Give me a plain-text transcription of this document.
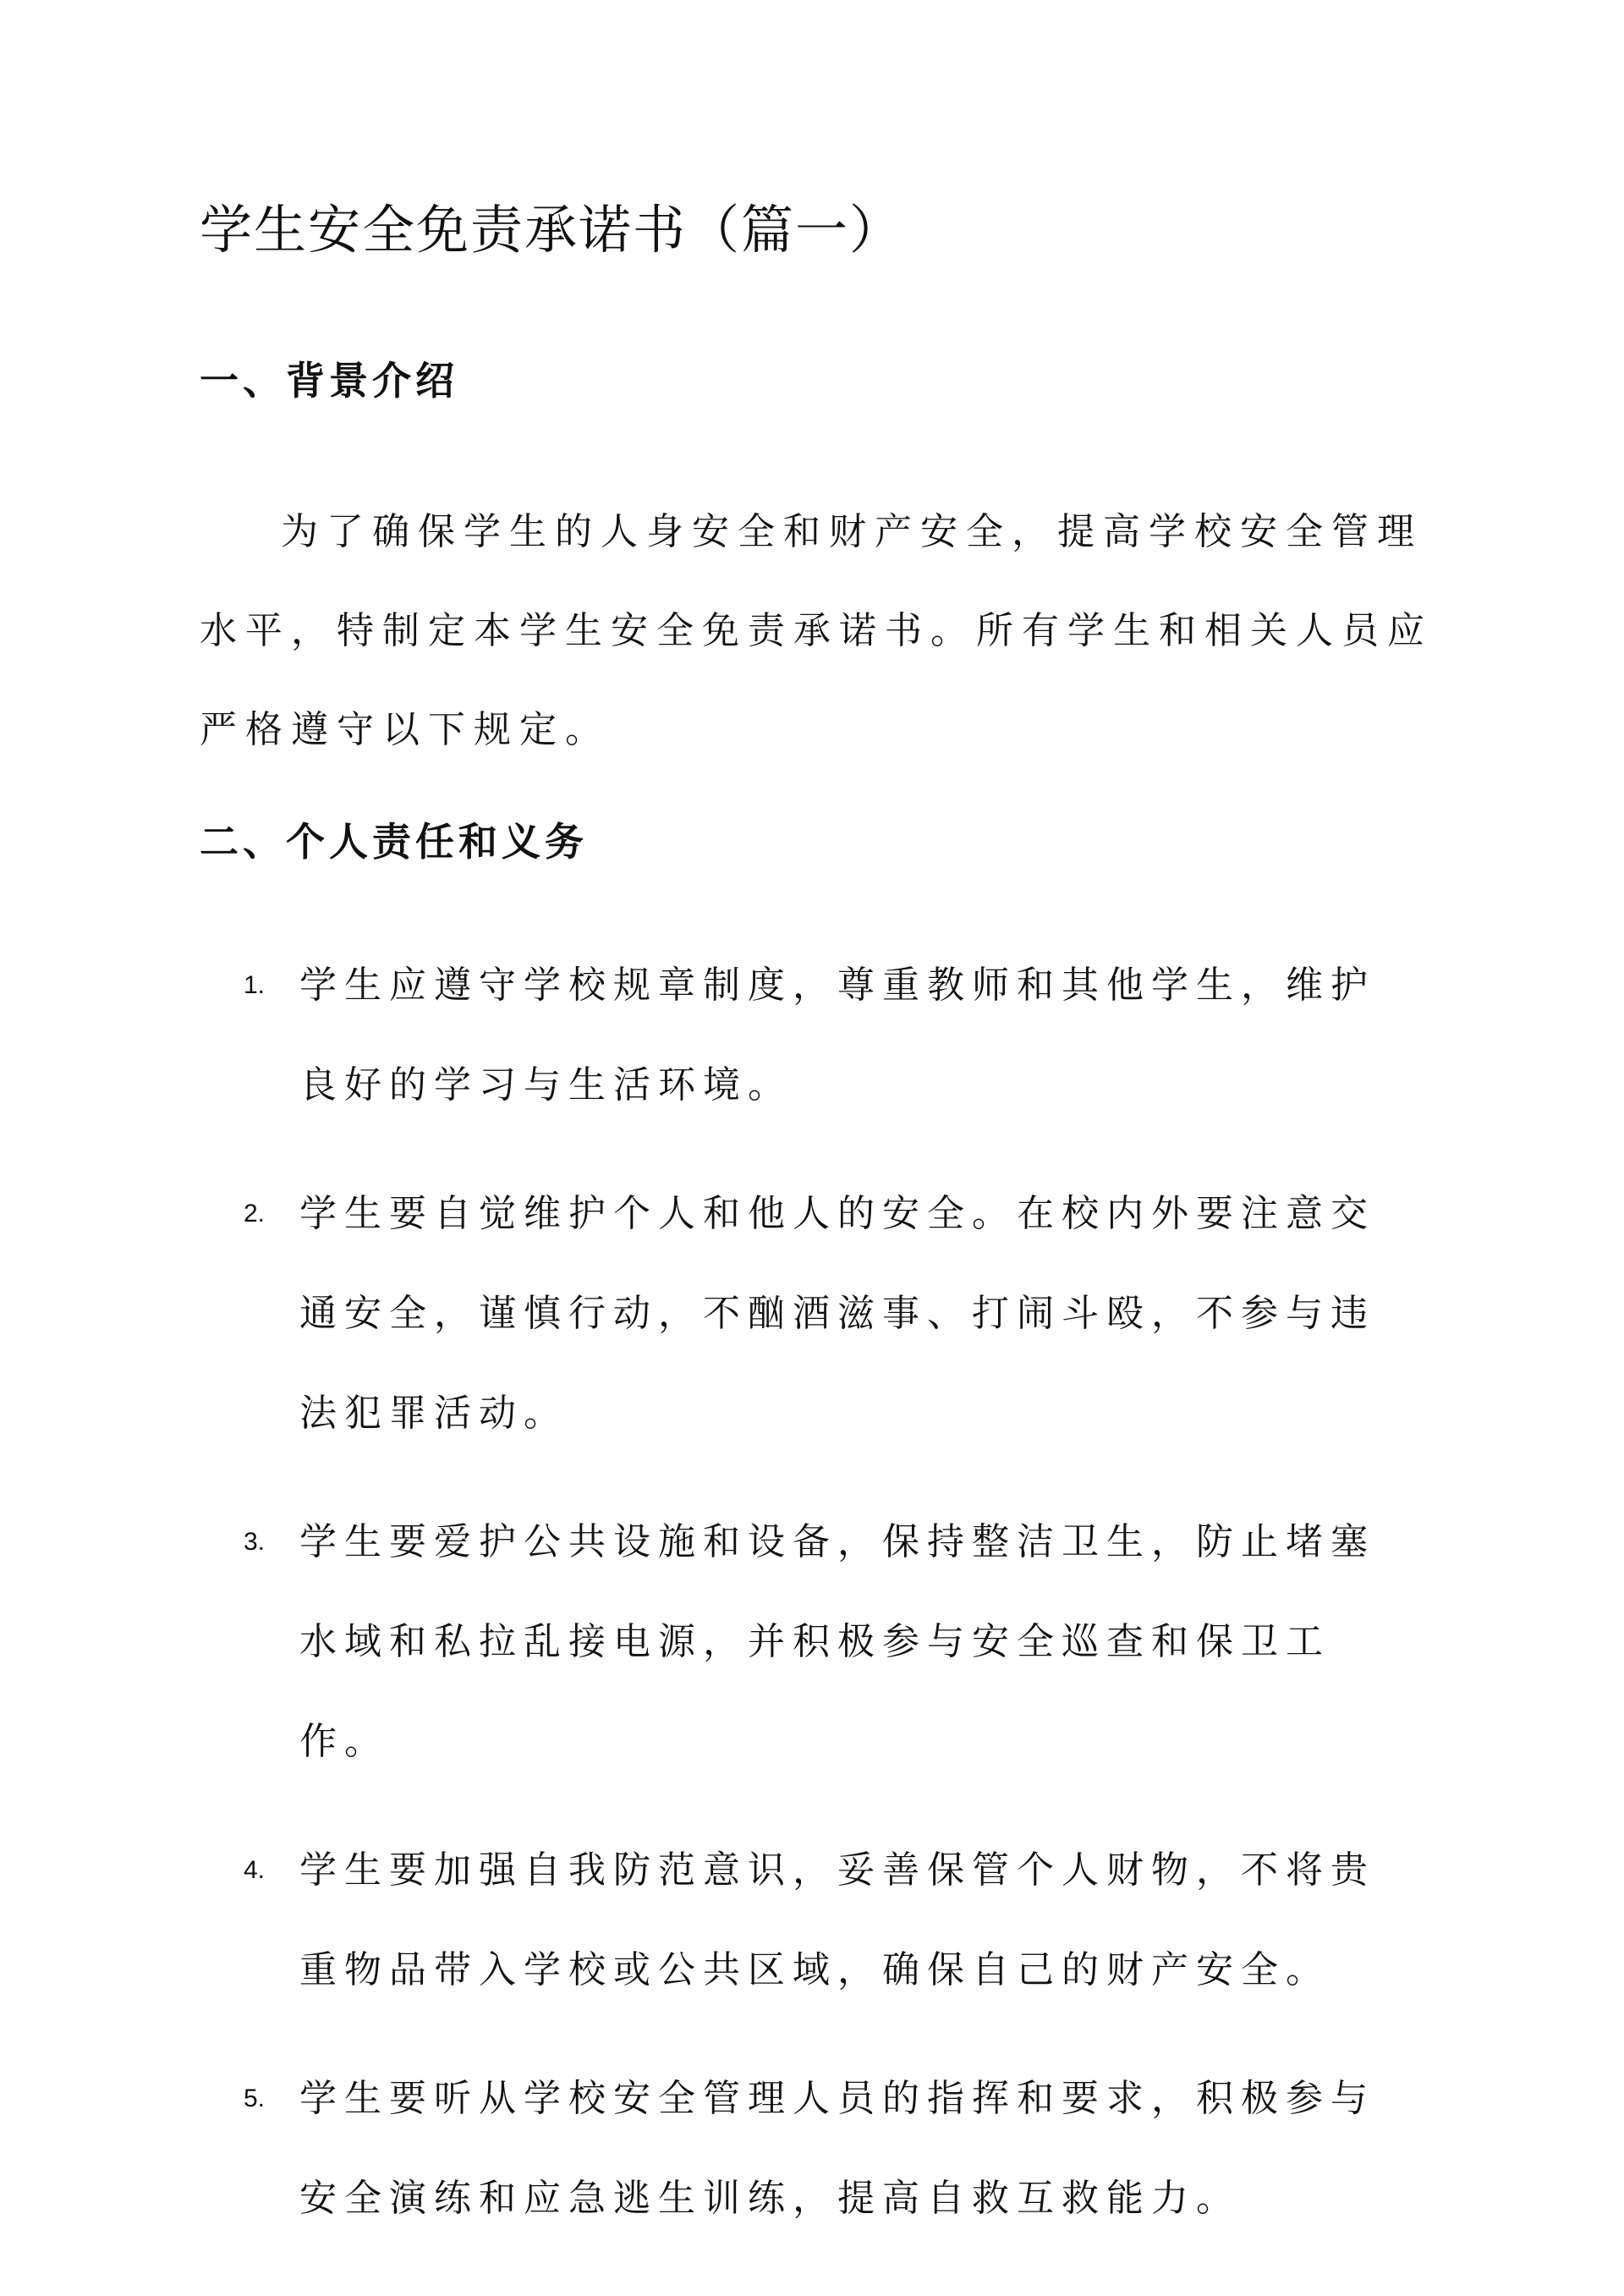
学生安全免责承诺书（篇一）
一、背景介绍

为了确保学生的人身安全和财产安全，提高学校安全管理水平，特制定本学生安全免责承诺书。所有学生和相关人员应严格遵守以下规定。

二、个人责任和义务
1. 学生应遵守学校规章制度，尊重教师和其他学生，维护良好的学习与生活环境。
2. 学生要自觉维护个人和他人的安全。在校内外要注意交通安全，谨慎行动，不酗酒滋事、打闹斗殴，不参与违法犯罪活动。
3. 学生要爱护公共设施和设备，保持整洁卫生，防止堵塞水域和私拉乱接电源，并积极参与安全巡查和保卫工作。
4. 学生要加强自我防范意识，妥善保管个人财物，不将贵重物品带入学校或公共区域，确保自己的财产安全。
5. 学生要听从学校安全管理人员的指挥和要求，积极参与安全演练和应急逃生训练，提高自救互救能力。
